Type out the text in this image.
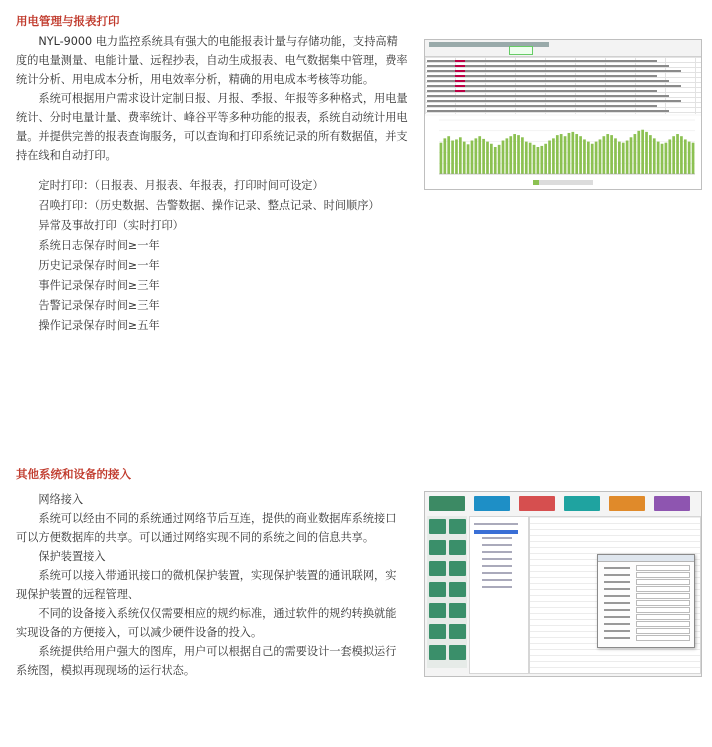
用电管理与报表打印

NYL-9000 电力监控系统具有强大的电能报表计量与存储功能，支持高精度的电量测量、电能计量、远程抄表，自动生成报表、电气数据集中管理，费率统计分析、用电成本分析，用电效率分析，精确的用电成本考核等功能。

系统可根据用户需求设计定制日报、月报、季报、年报等多种格式，用电量统计、分时电量计量、费率统计、峰谷平等多种功能的报表，系统自动统计用电量。并提供完善的报表查询服务，可以查询和打印系统记录的所有数据值，并支持在线和自动打印。

定时打印：（日报表、月报表、年报表，打印时间可设定）
召唤打印：（历史数据、告警数据、操作记录、整点记录、时间顺序）
异常及事故打印（实时打印）
系统日志保存时间≥一年
历史记录保存时间≥一年
事件记录保存时间≥三年
告警记录保存时间≥三年
操作记录保存时间≥五年
其他系统和设备的接入

网络接入

系统可以经由不同的系统通过网络节后互连，提供的商业数据库系统接口可以方便数据库的共享。可以通过网络实现不同的系统之间的信息共享。

保护装置接入

系统可以接入带通讯接口的微机保护装置，实现保护装置的通讯联网，实现保护装置的远程管理、

不同的设备接入系统仅仅需要相应的规约标准，通过软件的规约转换就能实现设备的方便接入，可以减少硬件设备的投入。

系统提供给用户强大的图库，用户可以根据自己的需要设计一套模拟运行系统图，模拟再现现场的运行状态。
